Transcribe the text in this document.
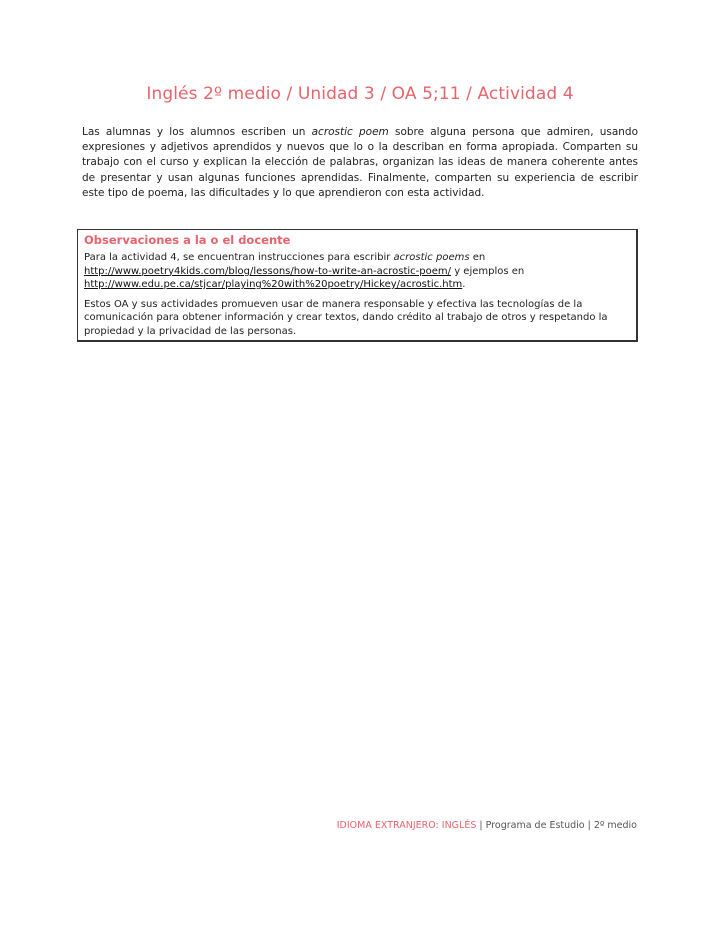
Inglés 2º medio / Unidad 3 / OA 5;11 / Actividad 4

Las alumnas y los alumnos escriben un acrostic poem sobre alguna persona que admiren, usando expresiones y adjetivos aprendidos y nuevos que lo o la describan en forma apropiada. Comparten su trabajo con el curso y explican la elección de palabras, organizan las ideas de manera coherente antes de presentar y usan algunas funciones aprendidas. Finalmente, comparten su experiencia de escribir este tipo de poema, las dificultades y lo que aprendieron con esta actividad.

Observaciones a la o el docente

Para la actividad 4, se encuentran instrucciones para escribir acrostic poems en
http://www.poetry4kids.com/blog/lessons/how-to-write-an-acrostic-poem/ y ejemplos en
http://www.edu.pe.ca/stjcar/playing%20with%20poetry/Hickey/acrostic.htm.

Estos OA y sus actividades promueven usar de manera responsable y efectiva las tecnologías de la comunicación para obtener información y crear textos, dando crédito al trabajo de otros y respetando la propiedad y la privacidad de las personas.

IDIOMA EXTRANJERO: INGLÉS | Programa de Estudio | 2º medio
